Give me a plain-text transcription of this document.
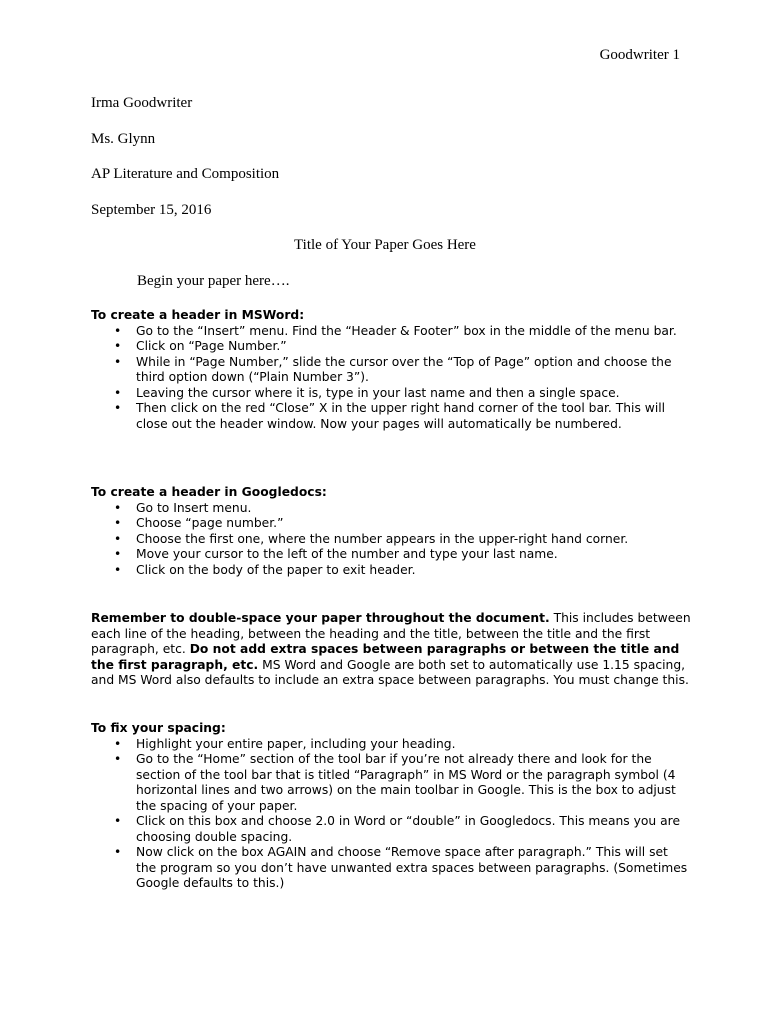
Goodwriter 1
Irma Goodwriter
Ms. Glynn
AP Literature and Composition
September 15, 2016
Title of Your Paper Goes Here
Begin your paper here….
To create a header in MSWord:
• Go to the “Insert” menu. Find the “Header & Footer” box in the middle of the menu bar.
• Click on “Page Number.”
• While in “Page Number,” slide the cursor over the “Top of Page” option and choose the third option down (“Plain Number 3”).
• Leaving the cursor where it is, type in your last name and then a single space.
• Then click on the red “Close” X in the upper right hand corner of the tool bar. This will close out the header window. Now your pages will automatically be numbered.
To create a header in Googledocs:
• Go to Insert menu.
• Choose “page number.”
• Choose the first one, where the number appears in the upper-right hand corner.
• Move your cursor to the left of the number and type your last name.
• Click on the body of the paper to exit header.

Remember to double-space your paper throughout the document. This includes between each line of the heading, between the heading and the title, between the title and the first paragraph, etc. Do not add extra spaces between paragraphs or between the title and the first paragraph, etc. MS Word and Google are both set to automatically use 1.15 spacing, and MS Word also defaults to include an extra space between paragraphs. You must change this.

To fix your spacing:
• Highlight your entire paper, including your heading.
• Go to the “Home” section of the tool bar if you’re not already there and look for the section of the tool bar that is titled “Paragraph” in MS Word or the paragraph symbol (4 horizontal lines and two arrows) on the main toolbar in Google. This is the box to adjust the spacing of your paper.
• Click on this box and choose 2.0 in Word or “double” in Googledocs. This means you are choosing double spacing.
• Now click on the box AGAIN and choose “Remove space after paragraph.” This will set the program so you don’t have unwanted extra spaces between paragraphs. (Sometimes Google defaults to this.)
